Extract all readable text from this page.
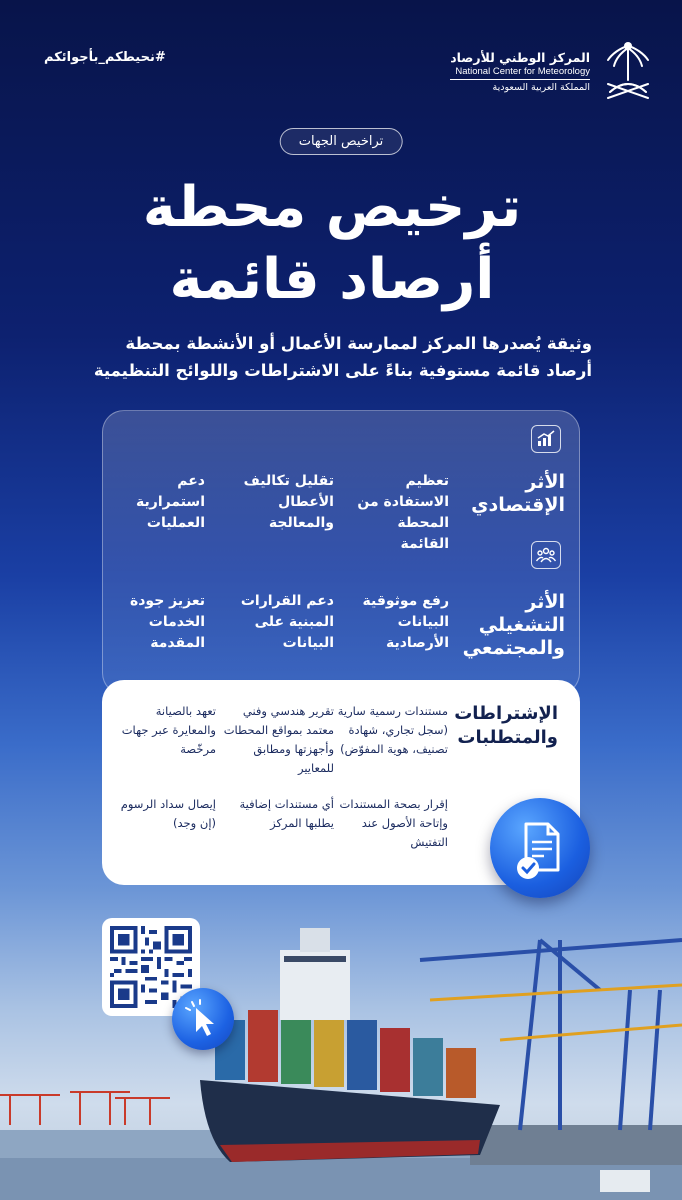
#نحيطكم_بأجوائكم	المركز الوطني للأرصاد
National Center for Meteorology
المملكة العربية السعودية
تراخيص الجهات
ترخيص محطة
أرصاد قائمة
وثيقة يُصدرها المركز لممارسة الأعمال أو الأنشطة بمحطة
أرصاد قائمة مستوفية بناءً على الاشتراطات واللوائح التنظيمية
الأثر الإقتصادي
تعظيم الاستفادة من المحطة القائمة
تقليل تكاليف الأعطال والمعالجة
دعم استمرارية العمليات
الأثر التشغيلي والمجتمعي
رفع موثوقية البيانات الأرصادية
دعم القرارات المبنية على البيانات
تعزيز جودة الخدمات المقدمة
الإشتراطات والمتطلبات
مستندات رسمية سارية (سجل تجاري، شهادة تصنيف، هوية المفوّض)
تقرير هندسي وفني معتمد بمواقع المحطات وأجهزتها ومطابق للمعايير
تعهد بالصيانة والمعايرة عبر جهات مرخّصة
إقرار بصحة المستندات وإتاحة الأصول عند التفتيش
أي مستندات إضافية يطلبها المركز
إيصال سداد الرسوم (إن وجد)
